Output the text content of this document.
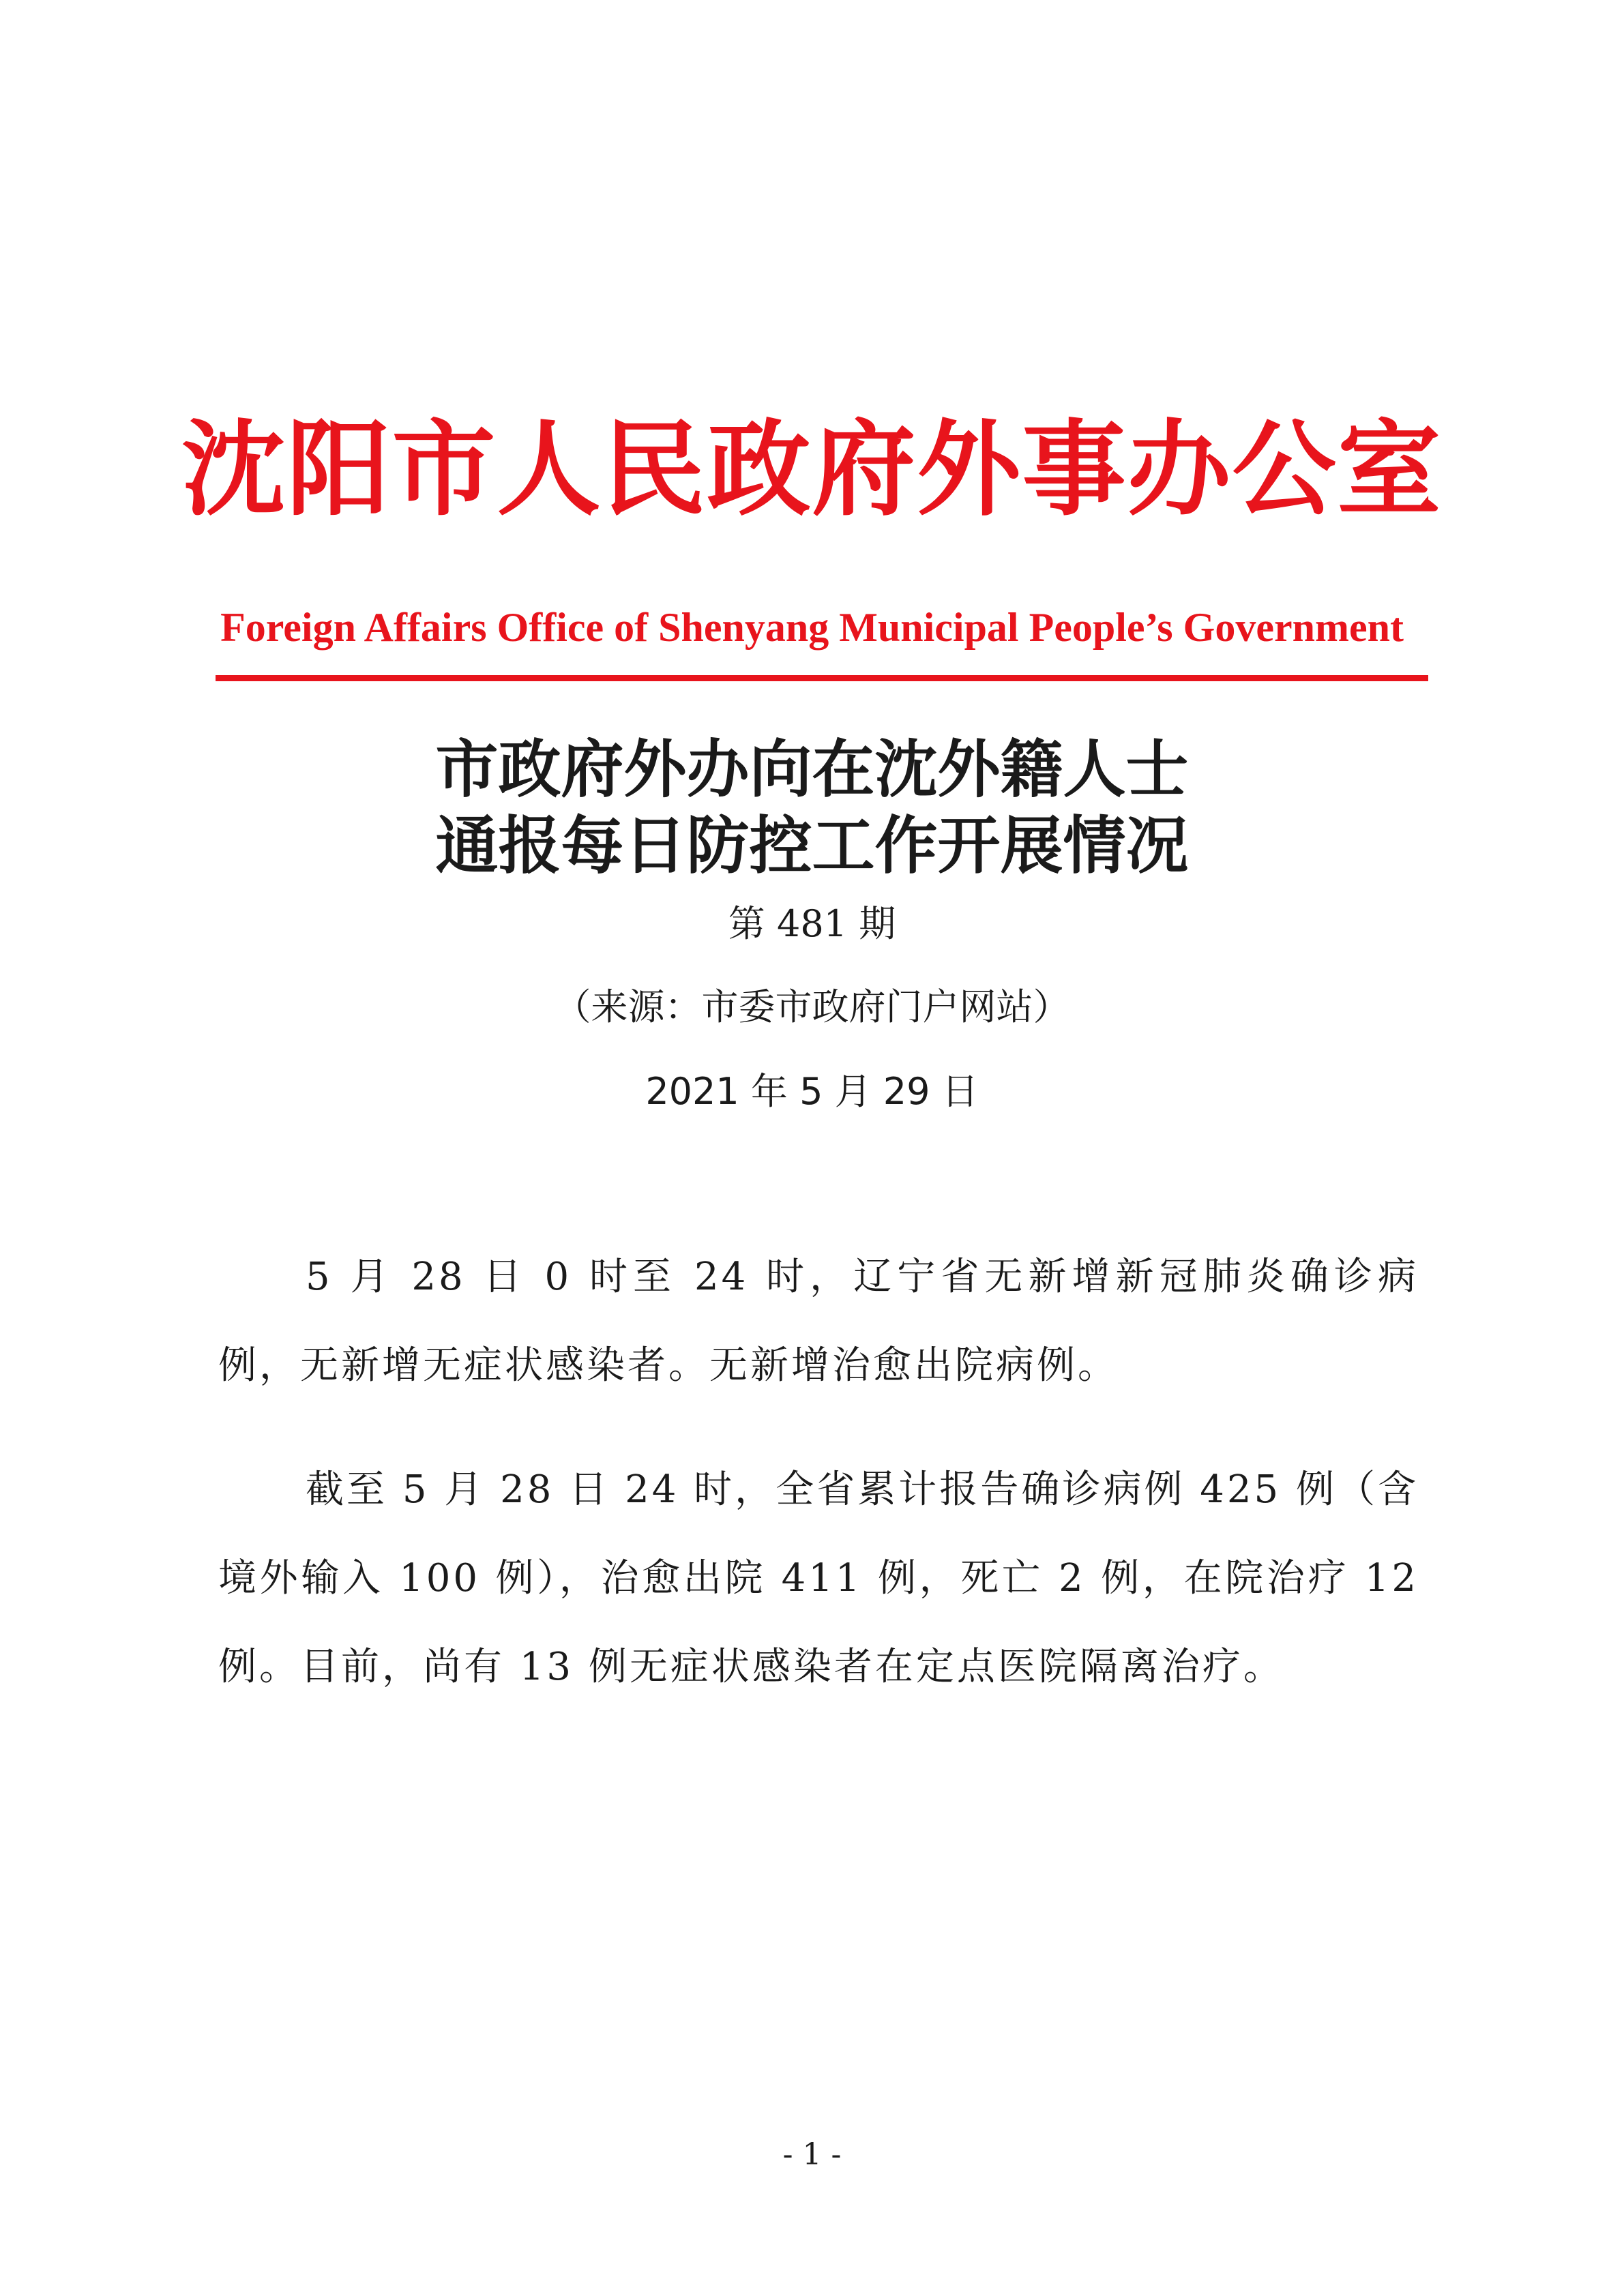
沈阳市人民政府外事办公室
Foreign Affairs Office of Shenyang Municipal People’s Government
市政府外办向在沈外籍人士
通报每日防控工作开展情况
第 481 期
（来源：市委市政府门户网站）
2021 年 5 月 29 日

5 月 28 日 0 时至 24 时，辽宁省无新增新冠肺炎确诊病例，无新增无症状感染者。无新增治愈出院病例。

截至 5 月 28 日 24 时，全省累计报告确诊病例 425 例（含境外输入 100 例），治愈出院 411 例，死亡 2 例，在院治疗 12 例。目前，尚有 13 例无症状感染者在定点医院隔离治疗。

- 1 -
